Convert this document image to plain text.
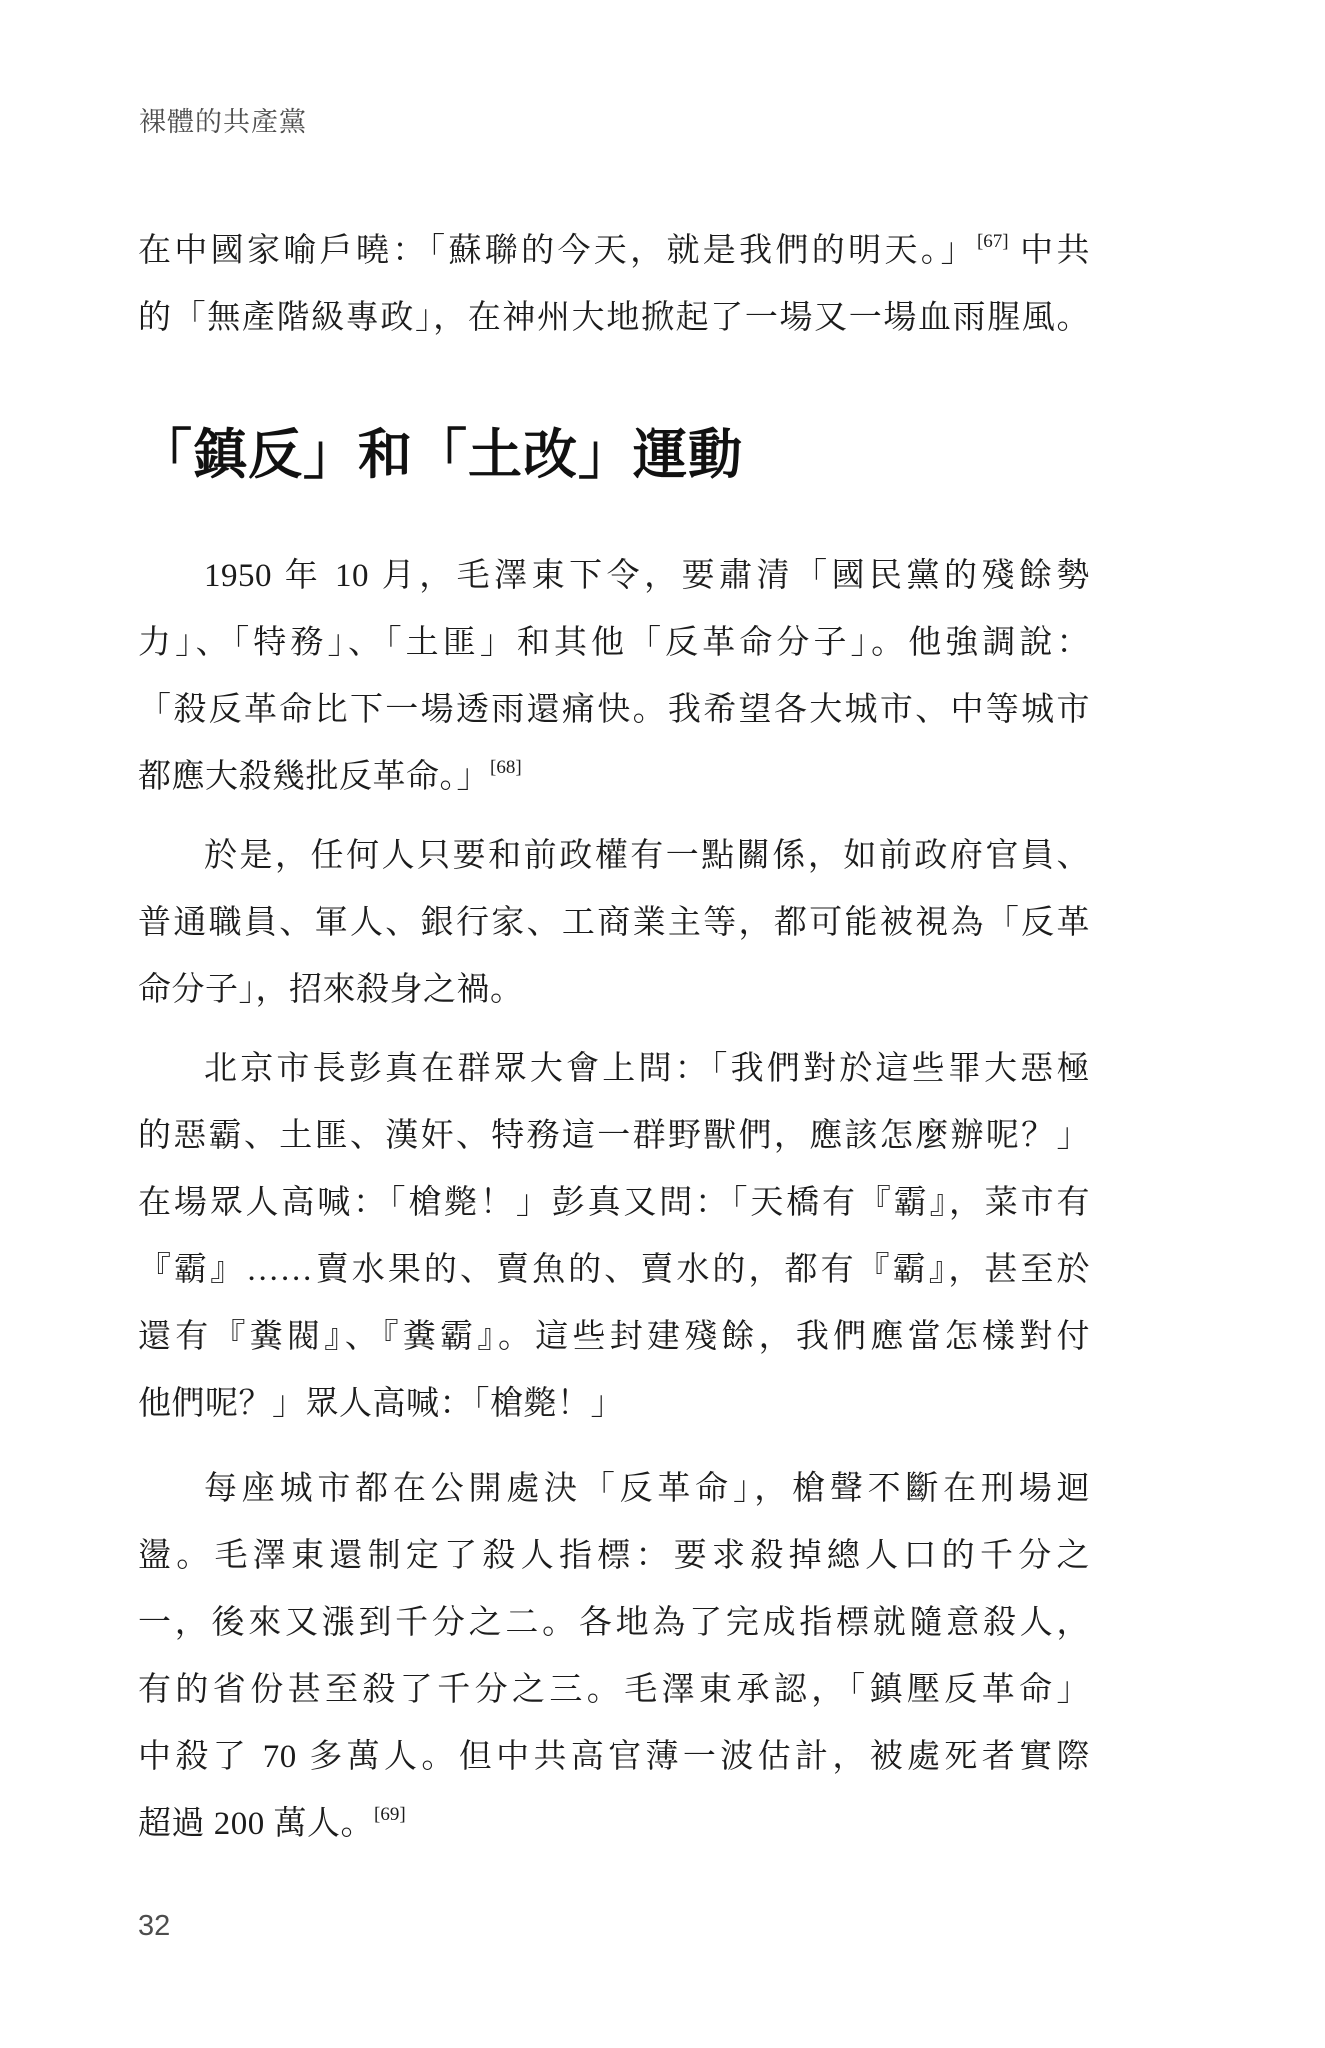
裸體的共產黨
在中國家喻戶曉：「蘇聯的今天，就是我們的明天。」[67] 中共
的「無產階級專政」，在神州大地掀起了一場又一場血雨腥風。
「鎮反」和「土改」運動
1950 年 10 月，毛澤東下令，要肅清「國民黨的殘餘勢
力」、「特務」、「土匪」和其他「反革命分子」。他強調說：
「殺反革命比下一場透雨還痛快。我希望各大城市、中等城市
都應大殺幾批反革命。」[68]
於是，任何人只要和前政權有一點關係，如前政府官員、
普通職員、軍人、銀行家、工商業主等，都可能被視為「反革
命分子」，招來殺身之禍。
北京市長彭真在群眾大會上問：「我們對於這些罪大惡極
的惡霸、土匪、漢奸、特務這一群野獸們，應該怎麼辦呢？」
在場眾人高喊：「槍斃！」彭真又問：「天橋有『霸』，菜市有
『霸』……賣水果的、賣魚的、賣水的，都有『霸』，甚至於
還有『糞閥』、『糞霸』。這些封建殘餘，我們應當怎樣對付
他們呢？」眾人高喊：「槍斃！」
每座城市都在公開處決「反革命」，槍聲不斷在刑場迴
盪。毛澤東還制定了殺人指標：要求殺掉總人口的千分之
一，後來又漲到千分之二。各地為了完成指標就隨意殺人，
有的省份甚至殺了千分之三。毛澤東承認，「鎮壓反革命」
中殺了 70 多萬人。但中共高官薄一波估計，被處死者實際
超過 200 萬人。[69]
32
